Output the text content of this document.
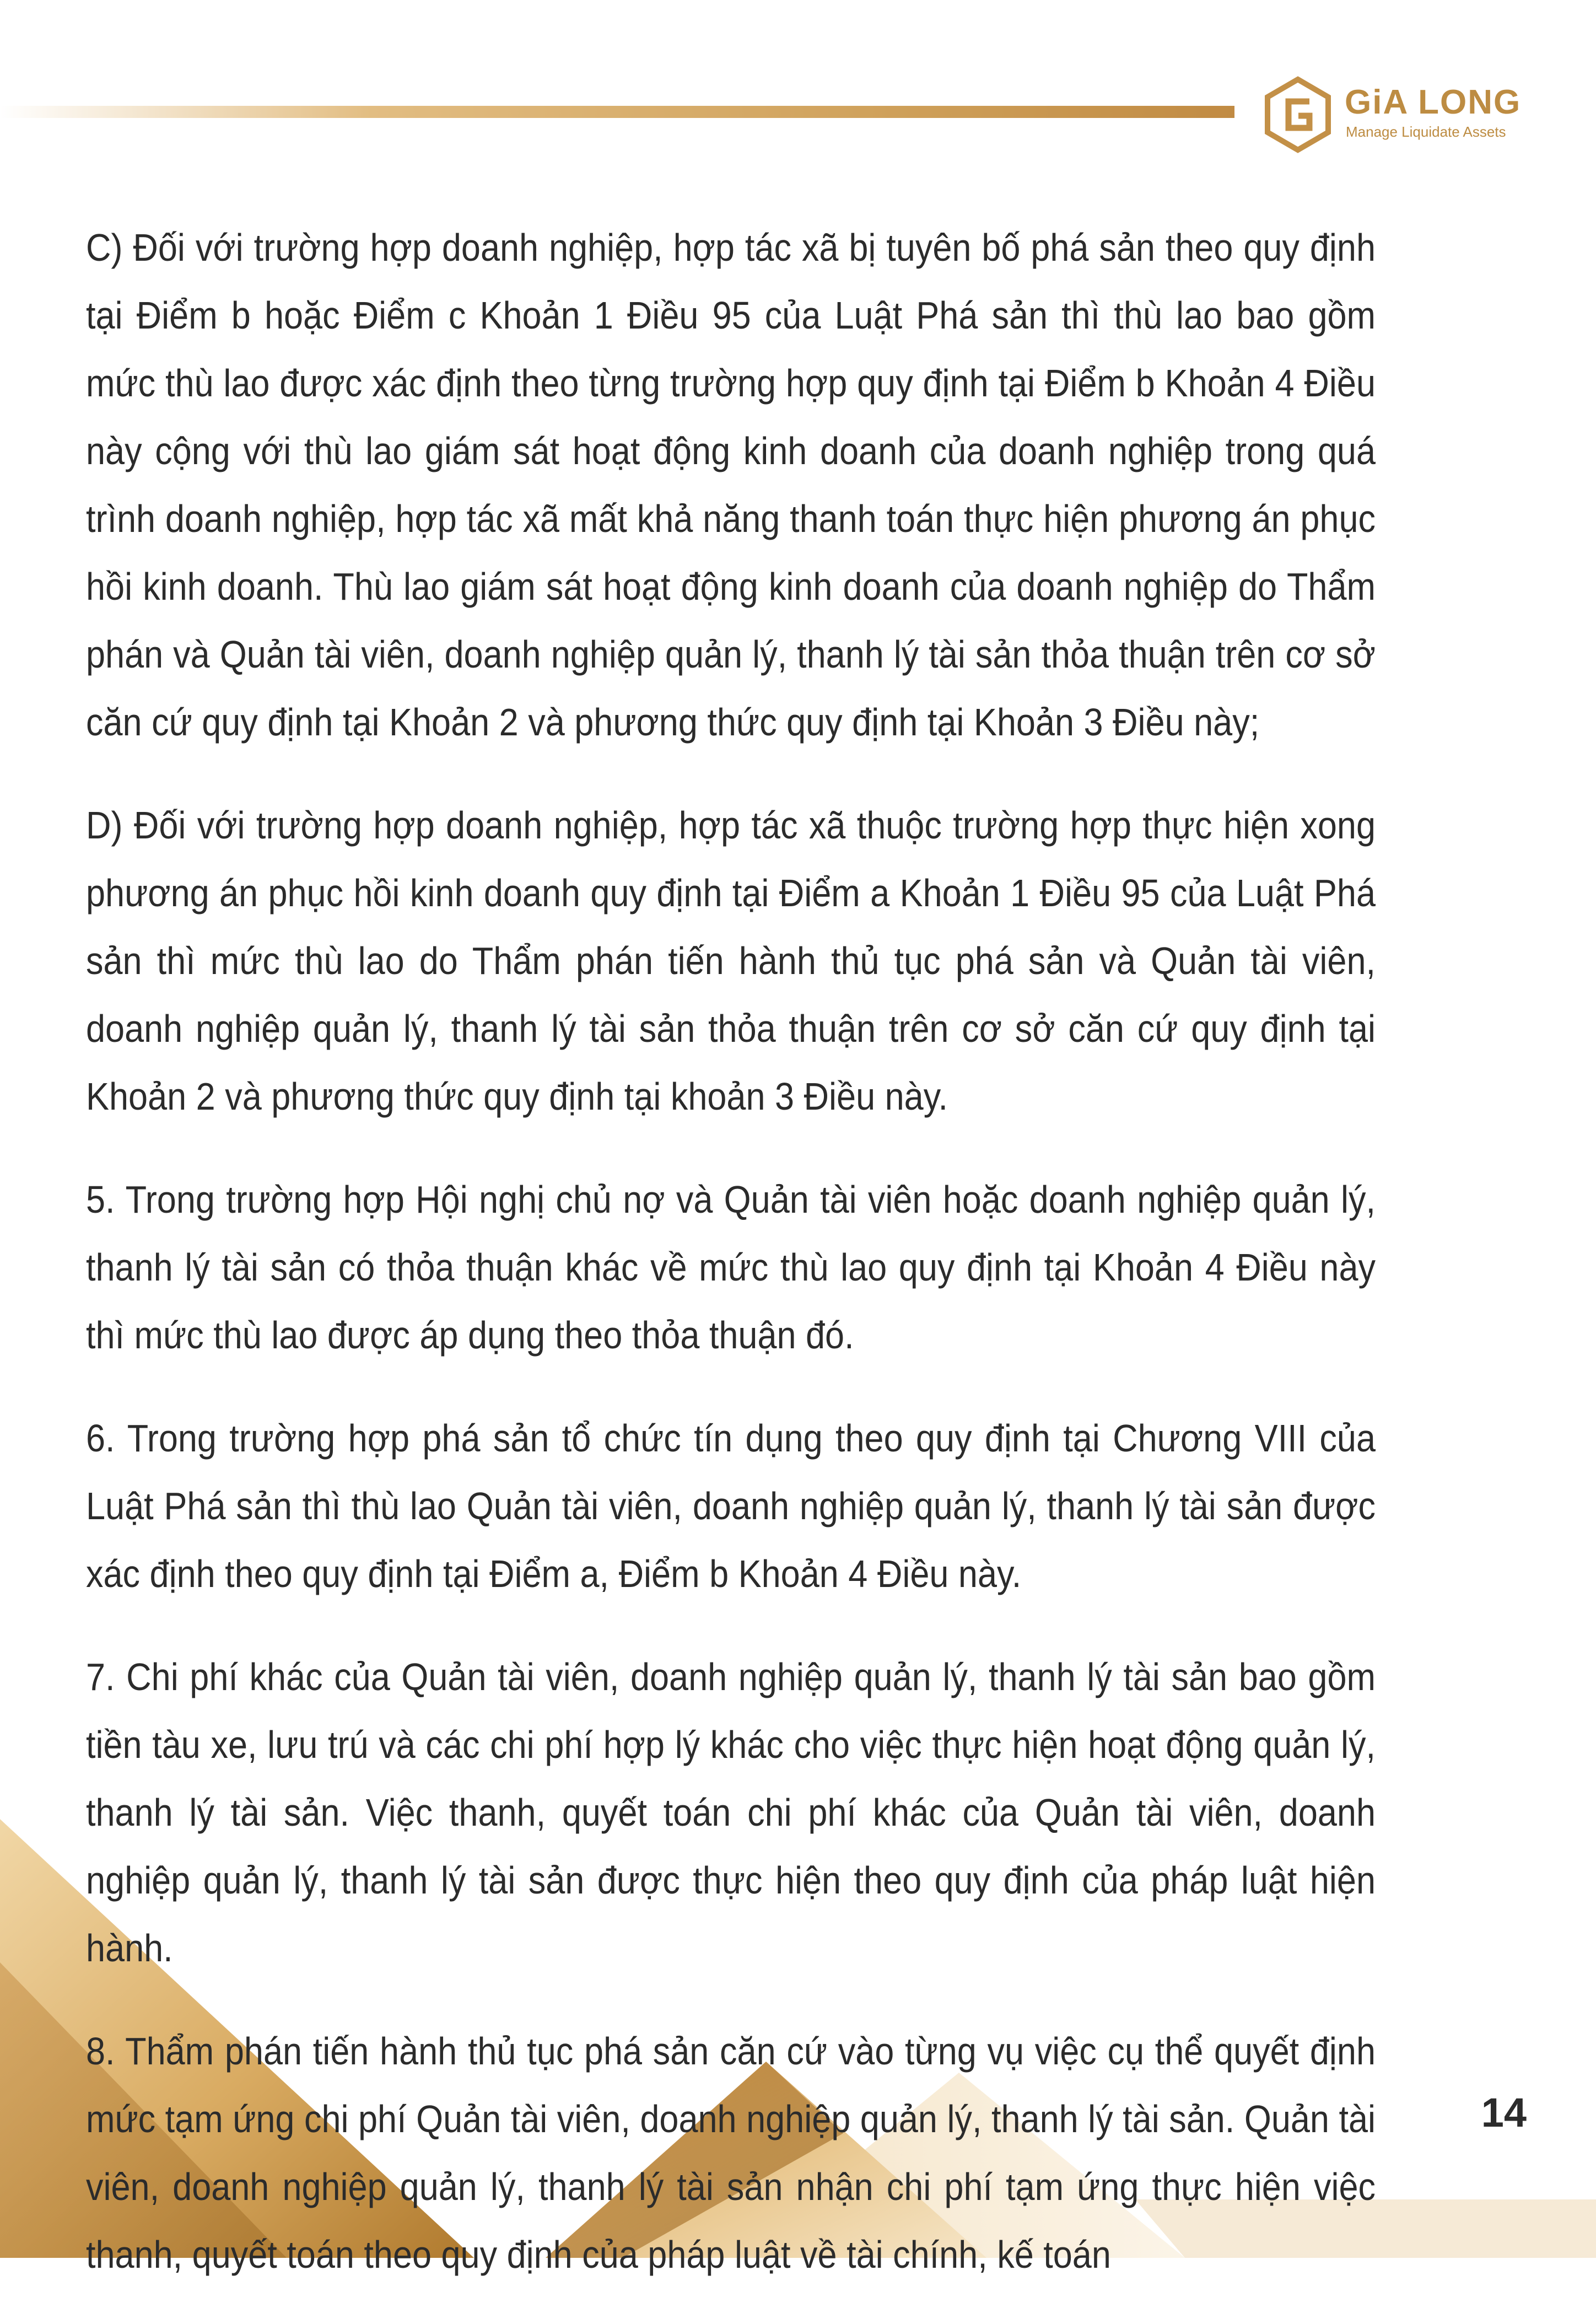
GiA LONG
Manage Liquidate Assets

C) Đối với trường hợp doanh nghiệp, hợp tác xã bị tuyên bố phá sản theo quy định tại Điểm b hoặc Điểm c Khoản 1 Điều 95 của Luật Phá sản thì thù lao bao gồm mức thù lao được xác định theo từng trường hợp quy định tại Điểm b Khoản 4 Điều này cộng với thù lao giám sát hoạt động kinh doanh của doanh nghiệp trong quá trình doanh nghiệp, hợp tác xã mất khả năng thanh toán thực hiện phương án phục hồi kinh doanh. Thù lao giám sát hoạt động kinh doanh của doanh nghiệp do Thẩm phán và Quản tài viên, doanh nghiệp quản lý, thanh lý tài sản thỏa thuận trên cơ sở căn cứ quy định tại Khoản 2 và phương thức quy định tại Khoản 3 Điều này;

D) Đối với trường hợp doanh nghiệp, hợp tác xã thuộc trường hợp thực hiện xong phương án phục hồi kinh doanh quy định tại Điểm a Khoản 1 Điều 95 của Luật Phá sản thì mức thù lao do Thẩm phán tiến hành thủ tục phá sản và Quản tài viên, doanh nghiệp quản lý, thanh lý tài sản thỏa thuận trên cơ sở căn cứ quy định tại Khoản 2 và phương thức quy định tại khoản 3 Điều này.

5. Trong trường hợp Hội nghị chủ nợ và Quản tài viên hoặc doanh nghiệp quản lý, thanh lý tài sản có thỏa thuận khác về mức thù lao quy định tại Khoản 4 Điều này thì mức thù lao được áp dụng theo thỏa thuận đó.

6. Trong trường hợp phá sản tổ chức tín dụng theo quy định tại Chương VIII của Luật Phá sản thì thù lao Quản tài viên, doanh nghiệp quản lý, thanh lý tài sản được xác định theo quy định tại Điểm a, Điểm b Khoản 4 Điều này.

7. Chi phí khác của Quản tài viên, doanh nghiệp quản lý, thanh lý tài sản bao gồm tiền tàu xe, lưu trú và các chi phí hợp lý khác cho việc thực hiện hoạt động quản lý, thanh lý tài sản. Việc thanh, quyết toán chi phí khác của Quản tài viên, doanh nghiệp quản lý, thanh lý tài sản được thực hiện theo quy định của pháp luật hiện hành.

8. Thẩm phán tiến hành thủ tục phá sản căn cứ vào từng vụ việc cụ thể quyết định mức tạm ứng chi phí Quản tài viên, doanh nghiệp quản lý, thanh lý tài sản. Quản tài viên, doanh nghiệp quản lý, thanh lý tài sản nhận chi phí tạm ứng thực hiện việc thanh, quyết toán theo quy định của pháp luật về tài chính, kế toán

14
